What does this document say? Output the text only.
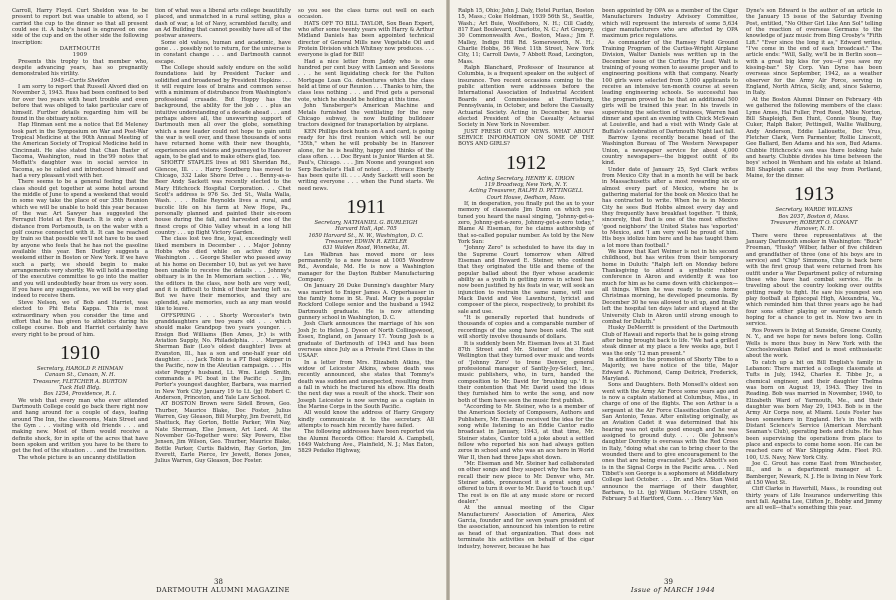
Carroll, Harry Floyd. Curt Sheldon was to be present to report but was unable to attend, so I carried the cup to the dinner so that all present could see it. A baby's head is engraved on one side of the cup and on the other side the following inscription:

DARTMOUTH

1909

Presents this trophy to that member who, despite advancing years, has so pregnantly demonstrated his virility.

1945—Curtis Sheldon

I am sorry to report that Russell Alvord died on November 3, 1943. Russ had been confined to bed for over two years with heart trouble and even before that was obliged to take particular care of himself. Further details regarding him will be found in the obituary notice.

Hap Hinman sent me a notice that Ed Meleney took part in the Symposium on War and Post-War Tropical Medicine at the 90th Annual Meeting of the American Society of Tropical Medicine held in Cincinnati. He also stated that Chan Baxter of Tacoma, Washington, read in the'99 notes that Moffatt's daughter was in social service in Tacoma, so he called and introduced himself and had a very pleasant visit with her.

There seems to be a general feeling that the class should get together at some hotel around the middle of June to spend a weekend that would in some way take the place of our 35th Reunion which we will be unable to hold this year because of the war. Art Sawyer has suggested the Ferragut Hotel at Rye Beach. It is only a short distance from Portsmouth, is on the water with a golf course connected with it. It can be reached by train so that possible we'll not have to be used by anyone who feels that he has not the gasoline available this year. Ben Dudley suggests a weekend either in Boston or New York. If we have such a party, we should begin to make arrangements very shortly. We will hold a meeting of the executive committee to go into the matter and you will undoubtedly hear from us very soon. If you have any suggestions, we will be very glad indeed to receive them.

Steve Nelson, wo of Bob and Harriet, was elected to Phi Beta Kappa. This is most extraordinary when you consider the time and effort that he has given to athletics during his college course. Bob and Harriet certainly have every right to be proud of him.

1910

Secretary, HAROLD P. HINMAN

Canaan St., Canaan, N. H.

Treasurer, FLETCHER A. BURTON

Tuck Hall Bldg.

Box 1254, Providence, R. I.

We wish that every man who ever attended Dartmouth College could go back there right now and hang around for a couple of days, loafing around The Inn, the classrooms, Main Street and the Gym . . . visiting with old friends . . . and making new. Most of them would receive a definite shock, for in spite of the acres that have been spoken and written you have to be there to get the feel of the situation . . . and the transition.

The whole picture is an uncanny distillation

tion of what was a liberal arts college beautifully placed, and unmatched in a rural setting, plus a dash of war, a lot of Navy, scrambled faculty, and an Ad Building that cannot possibly have all of the postwar answers.

Some old values, human and academic, have gone . . . possibly not to return, for the universe is in constant change . . . and Dartmouth cannot escape.

The College should safely endure on the solid foundations laid by President Tucker and solidified and broadened by President Hopkins . . . it will require loss of brains and common sense with a minimum of distrubance from Washington's professional crusade. But Hoppy has the background, the ability for the job . . . plus an intuitive understanding of a decade ahead . . . and perhaps above all, the unswerving support of Dartmouth men all over the globe, something which a new leader could not hope to gain until the war is well over, and these thousands of sons have returned home with their new thoughts, experiences and visions and journeyed to Hanover again, to be glad and to make others glad, too.

SHORTY STAPLES lives at 981 Sheridan Rd., Glencoe, Ill. . . . Harry Sondberg has moved to Chicago, 332 Lake Shore Drive . . . Benny-as-a-Beer Andy Sackett was recently elected to the Mary Hitchcock Hospital Corporation. . . Chet Scott's address is 976 So. 3rd St., Walla Walla, Wash. . . . Rollie Reynolds lives a rural, and bucolic life on his farm at New Hope, Pa., personally planned and painted their six-room house during the fall, and harvested one of the finest crops of Ohio Valley wheat in a long hill country . . . up flight Victory Garden.

The class lost two fine, loyal, exceedingly well liked members in December . . . Major Johnny Hobbs who died while on active duty in Washington . . . George Sheller who passed away at his home on December 10, but as yet we have been unable to receive the details . . . Johnny's obituary is in the In Memoriam section . . . We, the editors in the class, now both are very well, and it is difficult to think of their having left us. But we have their memories, and they are splendid, safe memories, such as any man would like to leave.

OFFSPRING . . . Shorty Worcester's twin granddaughters are two years old . . . which should make Grandpop two years younger. . . Ensign Bud Williams (Ben Ames, Jr.) is with Aviation Supply, No. Philadelphia. . . . Margaret Sherman Bair (Leo's oldest daughter) lives at Evanston, Ill., has a son and one-half year old daughter. . . . Jack Tobin is a PT Boat skipper in the Pacific, now in the Aleutian campaign. . . . His sister Peggy's husband, Lt. Wm. Leigh Smith, commands a PC boat in the Pacific . . . Jim Porter's youngest daughter, Barbara, was married in New York City January 19 to Lt. (jg) Robert C. Anderson, Princeton, and Yale Law School.

AT BOSTON Brown were Sidell Brown, Geo. Thurber, Maurice Blake, Doc Foster, Julius Warren, Guy Gleason, Bill Murphy, Jim Everett, Ed Shattuck, Ray Gorton, Bottle Parker, Win Nay, Nate Sherman, Else Jensen, Art Lord. At the November Go-Together were: Sky Powers, Else Jensen, Jim Wilson, Geo. Thurber, Maurice Blake, Bottle Parker, Curtis Baldwin, Ray Gorton, Jim Everett, Earle Pierce, Irv Jewett, Bones Jones, Julius Warren, Guy Gleason, Doc Foster.

so you see the class turns out well on each occasion.

HATS OFF TO BILL TAYLOR, Sox Bean Expert, who after some twenty years with Harry & Arthur Midland Daniels has been appointed technical director of General Mills new Vegetable Oil and Protein Division which Whitney now produces. . . . everyone is glad for Bill!

Had a nice letter from Jaddy who is one hundred per cent busy with Lamson and Sessions . . . he sent liquidating check for the Fulton Mortgage Loan Co. debentures which the class held at time of our Reunion . . . Thanks to him, the class less nothing . . . and Fred gets a personal vote, which he should be holding at this time.

John Yansberger's American Machine and Metals furnished the ventilating for the new Chicago subway, is now building bulldozer tractors designed for transportation by airplane.

KEN Phillips dock hunts on A and card, is going ready for his first reunion which will be our "35th," when he will probably be in Hanover alone, for he is healthy, happy and thinks of the class often. . . . Doc Bryant is Junior Warden at St. Paul's, Chicago. . . . Jim Noone and youngest son Serp Bachelor's Hall of noted . . . Horace Eberly has been quite ill. . . . Andy Sackett will soon be writing everyone . . . when the Fund starts. We need news.

1911

Secretary, NATHANIEL G. BURLEIGH

Harvard Hall, Apt. 705

1650 Harvard St., N. W., Washington, D. C.

Treasurer, EDWIN R. KEELER

631 Walden Road, Winnetka, Ill.

Les Walbran has moved more or less permanently to a new house at 1005 Woodrow Rd., Avondale, Md. He is now a Washington manager for the Dayton Rubber Manufacturing Company.

On January 26 Duke Dunning's daughter Mary was married to Eniger James A. Opperhauser in the family home in St. Paul. Mary is a popular Rockford College senior and the husband a 1942 Dartmouth graduate. He is now attending gunnery school in Washington, D. C.

Josh Clark announces the marriage of his son Josh Jr. to Helen J. Dyson of North Collingswood, Essex, England, on January 17. Young Josh is a graduate of Dartmouth of 1943 and has been overseas since July as a Private First Class in the USAAF.

In a letter from Mrs. Elizabeth Atkins, the widow of Leicester Atkins, whose death was recently announced, she states that Tommy's death was sudden and unexpected, resulting from a fall in which he fractured his elbow. His death the next day was a result of the shock. Their son Joseph Leicester is now serving as a captain in the Marine Corps in the South Pacific.

All would know the address of Harry Gregory kindly communicate it to the secretary. All attempts to reach him recently have failed.

The following addresses have been reported via the Alumni Records Office: Harold A. Campbell, 1649 Watchung Ave., Plainfield, N. J.; Max Eaton, 5829 Pedalko Highway,

38
DARTMOUTH ALUMNI MAGAZINE

Ralph 15, Ohio; John J. Daly, Hotel Puritan, Boston 15, Mass.; Coke Holdman, 1939 56th St., Seattle, Wash.; Art Buie, Woolfeboro, N. H.; Cill Caddy, 817 East Boulevard, Charlotte, N. C.; Art Gregory, 30 Commonwealth Ave., Boston, Mass.; Jim F. Malley, Indigo Hill Rd. Somersworth, N. H.; Charlie Hobbs, 56 West 11th Street, New York City, 11; Carroll Davis, 7 Abbott Road, Lexington, Mass.

Ralph Blanchard, Professor of Insurance at Columbia, is a frequent speaker on the subject of insurance. Two recent occasions coming to the public attention were addresses before the International Association of Industrial Accident Boards and Commissions at Harrisburg, Pennsylvania, in October, and before the Casualty Actuarial Society. Acting in December, he was elected President of the Casualty Actuarial Society in New York in November.

JUST FRESH OUT OF NEWS. WHAT ABOUT SERVICE INFORMATION ON SOME OF THE BOYS AND GIRLS?

1912

Acting Secretary, HENRY K. URION

119 Broadway, New York, N. Y.

Acting Treasurer, RALPH D. PETTINGELL

Court House, Dedham, Mass.

If, in desperation, you finally put the ax to your memory of classmate Jim Dunn on which you tuned you heard the nasal singing, "Johnny-get-a-zero, Johnny-get-a-zero, Johnny-get-a-zero today," Blame Al Eiseman, for he claims authorship of that so-called popular number. As told by the New York Sun:

"Johnny Zero" is scheduled to have its day in the Supreme Court tomorrow when Alfred Eiseman and Howard E. Steiner, who contend that they originated the title and theme of the popular ballad about the flyer whose academic ability as a youth in getting zeros in school has now been justified by his feats in war, will seek an injunction to restrain the same name, will sue Mack David and Vee Lawnhurst, lyricist and composer of the piece, respectively, to prohibit its sale and use.

"It is generally reported that hundreds of thousands of copies and a comparable number of recordings of the song have been sold. The suit will shortly involve thousands of dollars.

It is suddenly been Mr. Eiseman lives at 31 East 87th Street and Mr. Steiner of the Hotel Wellington that they turned over music and words of 'Johnny Zero' to Irene Denver, general professional manager of Santly-Joy-Select, Inc., music publishers, who, in turn, handed the composition to Mr. David for 'brushing up.' It is their contention that Mr. David used the ideas they furnished him to write the song, and now both of them have seen the music first publish.

"According to Mr. Steiner, who is a member of the American Society of Composers, Authors and Publishers, Mr. Eiseman received the idea for the song while listening to an Eddie Cantor radio broadcast in January, 1943, at that time, Mr. Steiner states, Cantor told a joke about a settled fellow who reported his son had always gotten zeros in school and who was an ace hero in World War II, then had three Japs shot down.

"Mr. Eiseman and Mr. Steiner had collaborated on other songs and they suspect why the hero can recall their new piece to Mr. Denver who, Mr. Steiner adds, pronounced it a great song and offered to turn it over to Mr. David to 'touch it up.' The rest is on file at any music store or record dealer."

At the annual meeting of the Cigar Manufacturers' Association of America, Alex Garcia, founder and for seven years president of the association, announced his intention to retire as head of that organization. That does not terminate his activities on behalf of the cigar industry, however, because he has

been appointed by OPA as a member of the Cigar Manufacturers Industry Advisory Committee, which will represent the interests of some 5,634 cigar manufacturers who are affected by OPA maximum price regulations.

As commander of the Ramsey Field Ground Training Program of the Curtiss-Wright Airplane Division, Walter Daniels was written up in the December issue of the Curtiss Fly Leaf. Walt is training of young women to assume proper and to engineering positions with that company. Nearly 100 girls were selected from 3,000 applicants to receive an intensive ten-month course at seven leading engineering schools. So successful has the program proved to be that an additional 500 girls will be trained this year. In his travels in supervising the selection of trainees, Warren had dinner and spent an evening with Chick McSwain at Louisville, and had a visit with Windy Gale at Buffalo's celebration of Dartmouth Night last fall.

Barrow Lyons recently became head of the Washington Bureau of The Western Newspaper Union, a newspaper service for about 4,000 country newspapers—the biggest outfit of its kind.

Under date of January 25, Syd Clark writes from Mexico City that in a month he will be back in Massachusetts after a most rewarding six or almost every part of Mexico, where he is gathering material for the book on Mexico that he has contracted to write. When he is in Mexico City he sees Bud Hobbs almost every day and they frequently have breakfast together. "I think, sincerely, that Bud is one of the most effective 'good neighbors' the United States has 'exported' to Mexico, and 'I am very well be proud of him. His boys idolize him here and he has taught them a lot more than football."

We know that Karl Weimer is not in his second childhood, but has writes from their temporary home in Duluth: "Ralph left on Monday before Thanksgiving to attend a synthetic rubber conference in Akron and evidently it was too much for him as he came down with chickenpox—all things. When he was ready to come home Christmas morning, he developed pneumonia. By December 30 he was allowed to sit up, and finally left the hospital ten days later and stayed at the University Club in Akron until strong enough to combat for Duluth."

Husky DeMerritt is president of the Dartmouth Club of Hawaii and reports that he is going strong after being brought back to life. "We had a grilled steak dinner at my place a few weeks ago, but I was the only '12 man present."

In addition to the promotion of Shorty Tibe to a Majority, we have notice of the title, Major Edward A. Richmond, Camp Deitrick, Frederick, Maryland.

Sons and Daughters. Both Monsell's oldest son went with the Army Air Force some years ago and is now a captain stationed at Columbus, Miss., in charge of one of the flights. The son Arthur is a sergeant at the Air Force Classification Center at San Antonio, Texas. After enlisting originally, as an Aviation Cadet it was determined that his hearing was not quite good enough and he was assigned to ground duty. . . . Ole Johnson's daughter Dorothy is overseas with the Red Cross in Italy, "doing what she can to bring cheer to the wounded there and to give encouragement to the ones that are being evacuated." Jack Abbott's son is in the Signal Corps in the Pacific area. . . Ned Tibbet's son George is a sophomore at Middlebury College last October. . . . Dr. and Mrs. Stan Weld announce the marriage of their daughter, Barbara, to Lt. (jg) William McGuire USNR, on February 5 at Hartford, Conn. . . . Henry Van

Dyne's son Edward is the author of an article in the January 15 issue of the Saturday Evening Post, entitled, "No Other Girl Like Ann Sol" telling of the reaction of overseas Germans to the knowledge of jazz music from Bing Crosby's "Fifth Lift." "Ever since the long it as," Edward writes, "I've come in the end of each broadcast." The article ends: "Will, Sally, we'll be in Berlin soon—with a great big kiss for you—if you save my kissing-bar." Sly Corp. Van Dyne has been overseas since September, 1942, as a weather observer for the Army Air Force, serving in England, North Africa, Sicily, and, since Salerno, in Italy.

At the Boston Alumni Dinner on February 4th we gathered the following members of the class: Lyme Ames, Hal Fuller, Fred Reed, Mike Norton, Bill Shapleigh, Ben Hunt, Connie Young, Ray Cuker, Ralph Baker, Pettingell, Wallie Wallburg, Andy Anderson, Eddie Laliouette, Doc Vrus, Fletcher Clark, Vern Parmenter, Rollie Linscott, Gee Ballard, Ben Adams and his son, Bud Adams. Clubbie Hitchcock's son was there looking hale and hearty. Clubbie divides his time between the boys' school in Wenham and his estate at Inland. Bill Shapleigh came all the way from Portland, Maine, for the dinner.

1913

Secretary, WARDE WILKINS

Box 2037, Boston 6, Mass.

Treasurer, ROBERT O. CONANT

Hanover, N. H.

There were three representatives at the January Dartmouth smoker in Washington: "Buck" Freeman, "Husky" Wilber, father of five children and grandfather of three (one of his boys are in service) and "Chip" Simmons, Chip is back here with the first group that were returned from his outfit under a War Department policy of returning those who have had combat service. He is traveling about the country looking over outfits getting ready to fight. He saw his youngest son play football at Episcopal High, Alexandria, Va., which reminded him that three years ago he had four sons either playing or warming a bench hoping for a chance to get in. Now two are in service.

Ros Powers is living at Sunside, Greene County, N. Y., and we hope for news before long. Collin Wells is more thus busy in New York with the Czechoslovakian Relief and is most enthusiastic about the work.

To catch up a bit on Bill English's family in Lebanon: There married a college classmate at Tufts in July, 1942, Charles E. Tibbe Jr., a chemical engineer, and their daughter Thelma was born on August 19, 1943. They live in Reading. Bob was married in November, 1940, to Elizabeth Ward of Yarmouth, Me., and their daughter was born May 29, 1943. Bob is in the Army Air Corps now, at Miami. Louis Foster has been somewhere in England. He's in the with Distant Science's Service (American Merchant Seaman's Club), operating beds and clubs. He has been supervising the operations from place to place and expects to come home soon. He can be reached care of War Shipping Adm. Fleet P.O. 100, U.S. Navy, New York City.

Joe C. Grout has come East from Winchester, Ill., and is a department manager at L. Bamberger, Newark, N. J. He is living in New York at 150 West St.

Cliff Clarke in Haverhill, Mass., is rounding out thirty years of Life Insurance underwriting this next fall. Agatha Lee, Clifton Jr., Bobby and Jimmy are all well—that's something this year.

39
Issue of MARCH 1944
